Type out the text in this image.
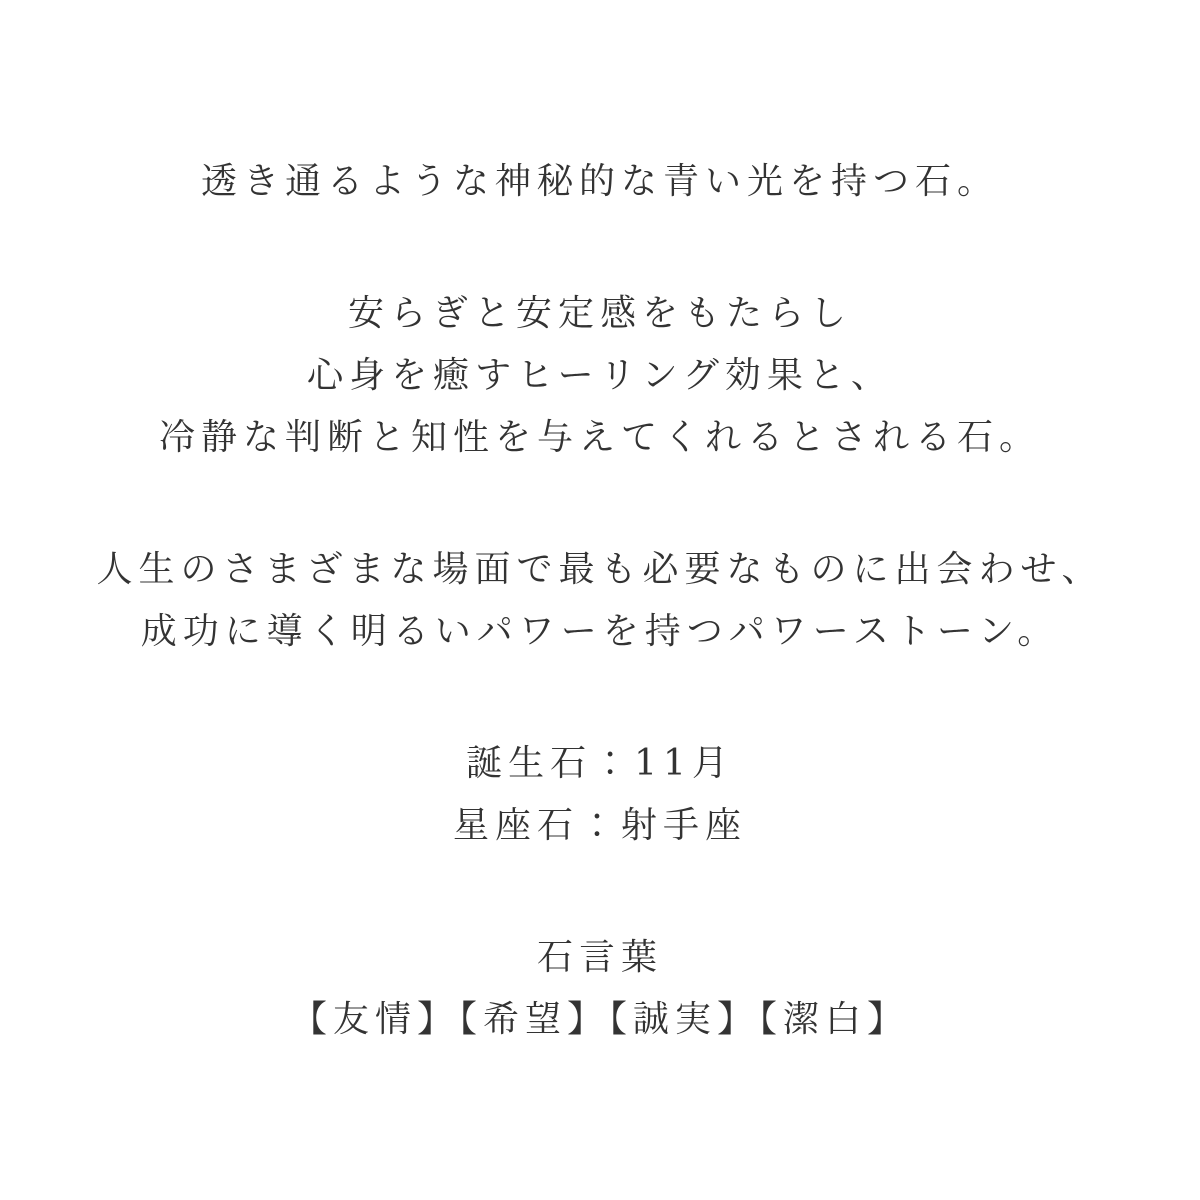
透き通るような神秘的な青い光を持つ石。

安らぎと安定感をもたらし
心身を癒すヒーリング効果と、
冷静な判断と知性を与えてくれるとされる石。

人生のさまざまな場面で最も必要なものに出会わせ、
成功に導く明るいパワーを持つパワーストーン。

誕生石：11月
星座石：射手座

石言葉
【友情】【希望】【誠実】【潔白】
